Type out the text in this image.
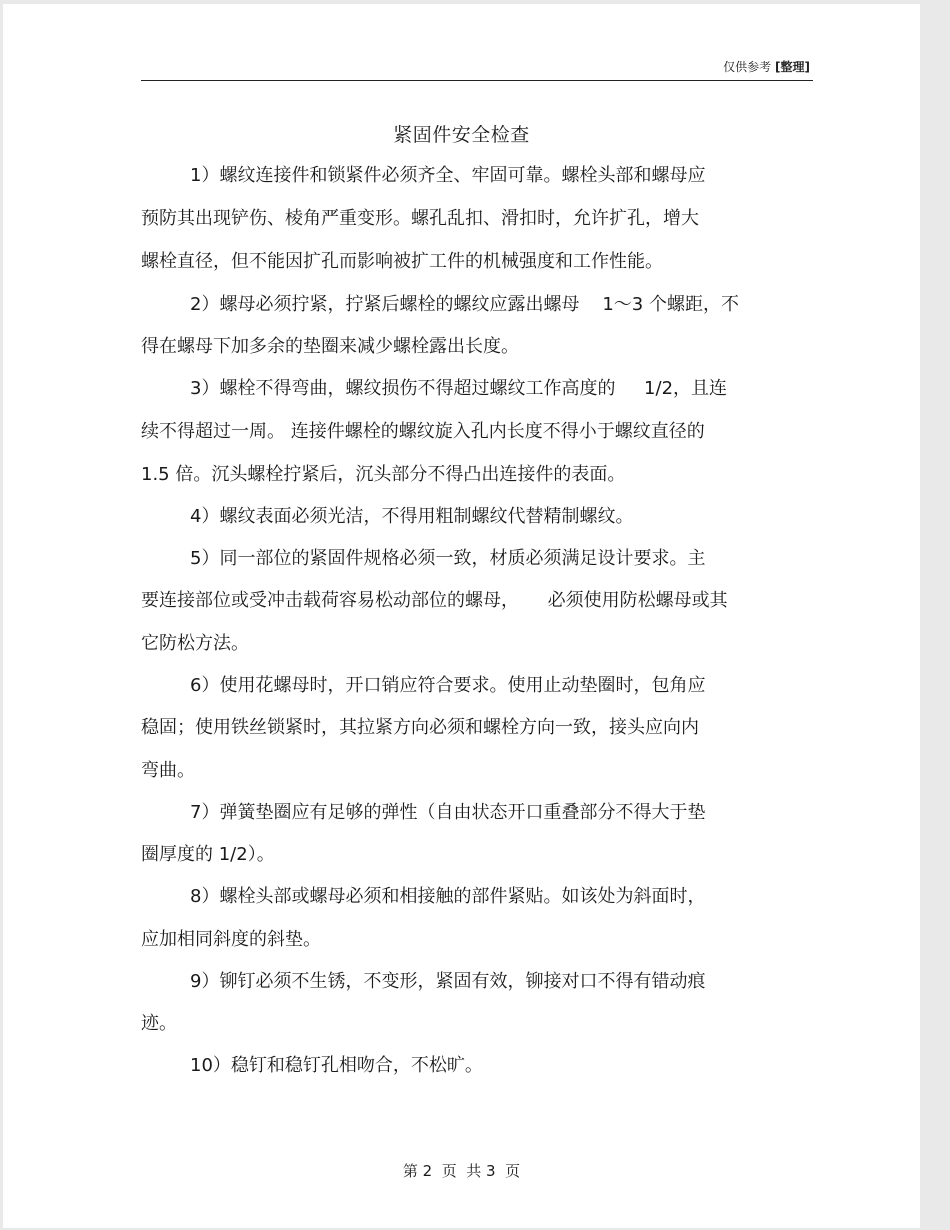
仅供参考 [整理]
紧固件安全检查
1）螺纹连接件和锁紧件必须齐全、牢固可靠。螺栓头部和螺母应
预防其出现铲伤、棱角严重变形。螺孔乱扣、滑扣时，允许扩孔，增大
螺栓直径，但不能因扩孔而影响被扩工件的机械强度和工作性能。
2）螺母必须拧紧，拧紧后螺栓的螺纹应露出螺母    1～3 个螺距，不
得在螺母下加多余的垫圈来减少螺栓露出长度。
3）螺栓不得弯曲，螺纹损伤不得超过螺纹工作高度的     1/2，且连
续不得超过一周。 连接件螺栓的螺纹旋入孔内长度不得小于螺纹直径的
1.5 倍。沉头螺栓拧紧后，沉头部分不得凸出连接件的表面。
4）螺纹表面必须光洁，不得用粗制螺纹代替精制螺纹。
5）同一部位的紧固件规格必须一致，材质必须满足设计要求。主
要连接部位或受冲击载荷容易松动部位的螺母，     必须使用防松螺母或其
它防松方法。
6）使用花螺母时，开口销应符合要求。使用止动垫圈时，包角应
稳固；使用铁丝锁紧时，其拉紧方向必须和螺栓方向一致，接头应向内
弯曲。
7）弹簧垫圈应有足够的弹性（自由状态开口重叠部分不得大于垫
圈厚度的 1/2）。
8）螺栓头部或螺母必须和相接触的部件紧贴。如该处为斜面时，
应加相同斜度的斜垫。
9）铆钉必须不生锈，不变形，紧固有效，铆接对口不得有错动痕
迹。
10）稳钉和稳钉孔相吻合，不松旷。
第 2  页  共 3  页
